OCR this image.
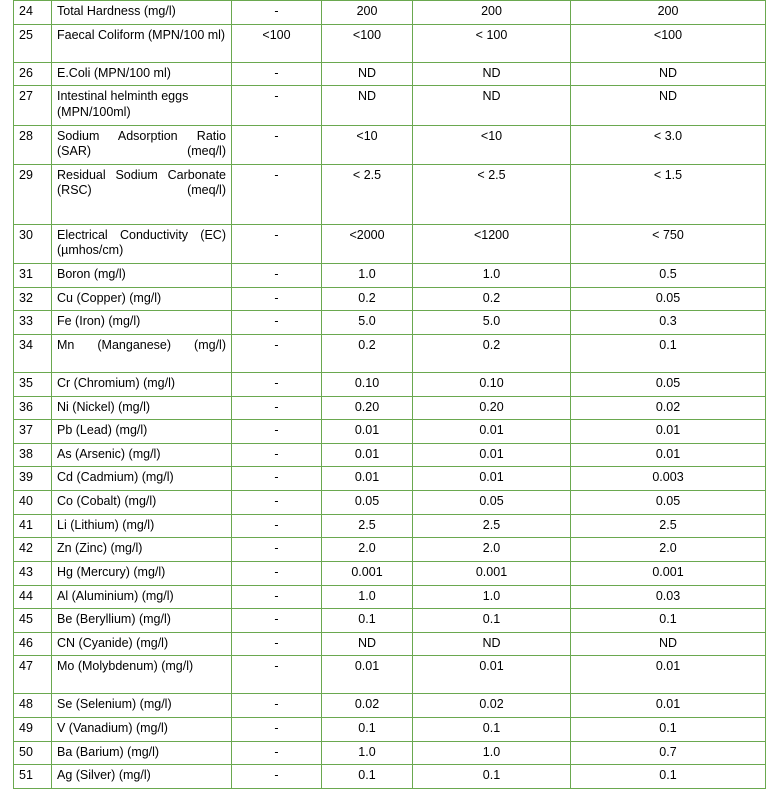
24	Total Hardness (mg/l)	-	200	200	200
25	Faecal Coliform (MPN/100 ml)	<100	<100	< 100	<100
26	E.Coli (MPN/100 ml)	-	ND	ND	ND
27	Intestinal helminth eggs (MPN/100ml)	-	ND	ND	ND
28	Sodium Adsorption Ratio (SAR) (meq/l)	-	<10	<10	< 3.0
29	Residual Sodium Carbonate (RSC) (meq/l)	-	< 2.5	< 2.5	< 1.5
30	Electrical Conductivity (EC) (µmhos/cm)	-	<2000	<1200	< 750
31	Boron (mg/l)	-	1.0	1.0	0.5
32	Cu (Copper) (mg/l)	-	0.2	0.2	0.05
33	Fe (Iron) (mg/l)	-	5.0	5.0	0.3
34	Mn (Manganese) (mg/l)	-	0.2	0.2	0.1
35	Cr (Chromium) (mg/l)	-	0.10	0.10	0.05
36	Ni (Nickel) (mg/l)	-	0.20	0.20	0.02
37	Pb (Lead) (mg/l)	-	0.01	0.01	0.01
38	As (Arsenic) (mg/l)	-	0.01	0.01	0.01
39	Cd (Cadmium) (mg/l)	-	0.01	0.01	0.003
40	Co (Cobalt) (mg/l)	-	0.05	0.05	0.05
41	Li (Lithium) (mg/l)	-	2.5	2.5	2.5
42	Zn (Zinc) (mg/l)	-	2.0	2.0	2.0
43	Hg (Mercury) (mg/l)	-	0.001	0.001	0.001
44	Al (Aluminium) (mg/l)	-	1.0	1.0	0.03
45	Be (Beryllium) (mg/l)	-	0.1	0.1	0.1
46	CN (Cyanide) (mg/l)	-	ND	ND	ND
47	Mo (Molybdenum) (mg/l)	-	0.01	0.01	0.01
48	Se (Selenium) (mg/l)	-	0.02	0.02	0.01
49	V (Vanadium) (mg/l)	-	0.1	0.1	0.1
50	Ba (Barium) (mg/l)	-	1.0	1.0	0.7
51	Ag (Silver) (mg/l)	-	0.1	0.1	0.1
